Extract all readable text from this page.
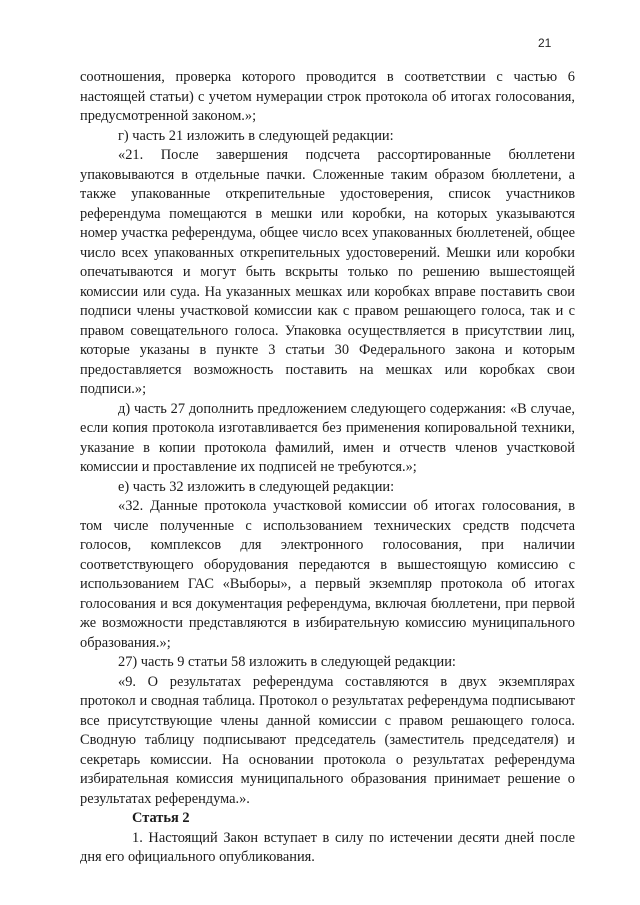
21

соотношения, проверка которого проводится в соответствии с частью 6 настоящей статьи) с учетом нумерации строк протокола об итогах голосования, предусмотренной законом.»;

г) часть 21 изложить в следующей редакции:

«21. После завершения подсчета рассортированные бюллетени упаковываются в отдельные пачки. Сложенные таким образом бюллетени, а также упакованные открепительные удостоверения, список участников референдума помещаются в мешки или коробки, на которых указываются номер участка референдума, общее число всех упакованных бюллетеней, общее число всех упакованных открепительных удостоверений. Мешки или коробки опечатываются и могут быть вскрыты только по решению вышестоящей комиссии или суда. На указанных мешках или коробках вправе поставить свои подписи члены участковой комиссии как с правом решающего голоса, так и с правом совещательного голоса. Упаковка осуществляется в присутствии лиц, которые указаны в пункте 3 статьи 30 Федерального закона и которым предоставляется возможность поставить на мешках или коробках свои подписи.»;

д) часть 27 дополнить предложением следующего содержания: «В случае, если копия протокола изготавливается без применения копировальной техники, указание в копии протокола фамилий, имен и отчеств членов участковой комиссии и проставление их подписей не требуются.»;

е) часть 32 изложить в следующей редакции:

«32. Данные протокола участковой комиссии об итогах голосования, в том числе полученные с использованием технических средств подсчета голосов, комплексов для электронного голосования, при наличии соответствующего оборудования передаются в вышестоящую комиссию с использованием ГАС «Выборы», а первый экземпляр протокола об итогах голосования и вся документация референдума, включая бюллетени, при первой же возможности представляются в избирательную комиссию муниципального образования.»;

27) часть 9 статьи 58 изложить в следующей редакции:

«9. О результатах референдума составляются в двух экземплярах протокол и сводная таблица. Протокол о результатах референдума подписывают все присутствующие члены данной комиссии с правом решающего голоса. Сводную таблицу подписывают председатель (заместитель председателя) и секретарь комиссии. На основании протокола о результатах референдума избирательная комиссия муниципального образования принимает решение о результатах референдума.».

Статья 2

1. Настоящий Закон вступает в силу по истечении десяти дней после дня его официального опубликования.
